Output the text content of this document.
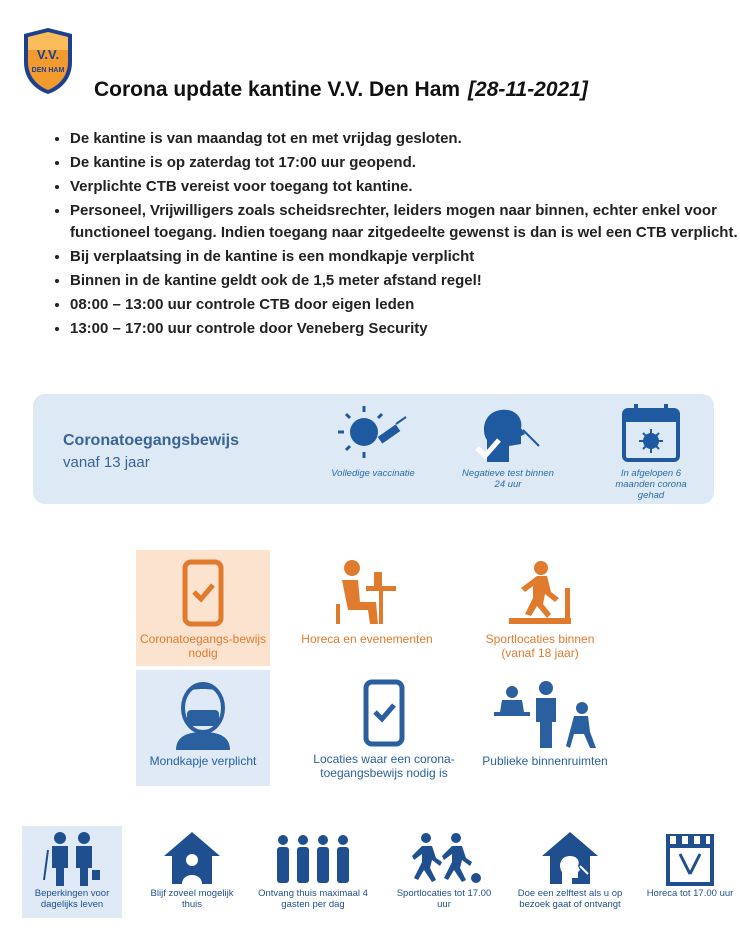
V.V.
DEN HAM
Corona update kantine V.V. Den Ham [28-11-2021]
• De kantine is van maandag tot en met vrijdag gesloten.
• De kantine is op zaterdag tot 17:00 uur geopend.
• Verplichte CTB vereist voor toegang tot kantine.
• Personeel, Vrijwilligers zoals scheidsrechter, leiders mogen naar binnen, echter enkel voor functioneel toegang. Indien toegang naar zitgedeelte gewenst is dan is wel een CTB verplicht.
• Bij verplaatsing in de kantine is een mondkapje verplicht
• Binnen in de kantine geldt ook de 1,5 meter afstand regel!
• 08:00 – 13:00 uur controle CTB door eigen leden
• 13:00 – 17:00 uur controle door Veneberg Security
Coronatoegangsbewijs
vanaf 13 jaar
Volledige vaccinatie	Negatieve test binnen 24 uur
In afgelopen 6 maanden corona gehad
Coronatoegangs-bewijs nodig
Horeca en evenementen	Sportlocaties binnen (vanaf 18 jaar)
Mondkapje verplicht	Locaties waar een corona-toegangsbewijs nodig is
Publieke binnenruimten
Beperkingen voor dagelijks leven
Blijf zoveel mogelijk thuis
Ontvang thuis maximaal 4 gasten per dag
Sportlocaties tot 17.00 uur
Doe een zelftest als u op bezoek gaat of ontvangt
Horeca tot 17.00 uur
